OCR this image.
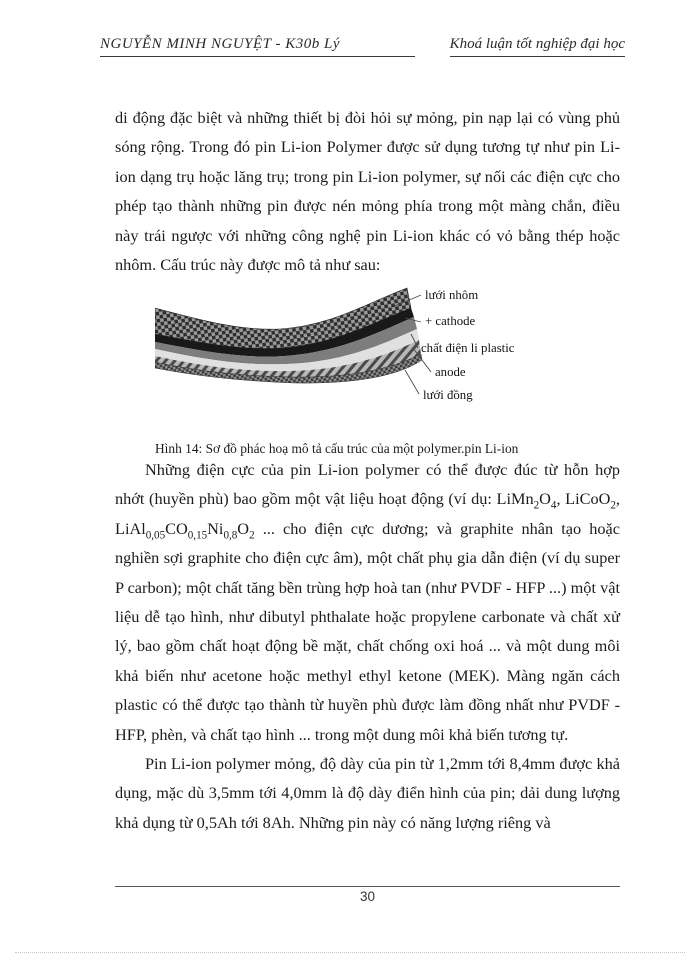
NGUYỄN MINH NGUYỆT - K30b Lý	Khoá luận tốt nghiệp đại học

di động đặc biệt và những thiết bị đòi hỏi sự mỏng, pin nạp lại có vùng phủ sóng rộng. Trong đó pin Li-ion Polymer được sử dụng tương tự như pin Li-ion dạng trụ hoặc lăng trụ; trong pin Li-ion polymer, sự nối các điện cực cho phép tạo thành những pin được nén mỏng phía trong một màng chắn, điều này trái ngược với những công nghệ pin Li-ion khác có vỏ bằng thép hoặc nhôm. Cấu trúc này được mô tả như sau:

lưới nhôm
+ cathode
chất điện li plastic
anode
lưới đồng
Hình 14: Sơ đồ phác hoạ mô tả cấu trúc của một polymer.pin Li-ion

Những điện cực của pin Li-ion polymer có thể được đúc từ hỗn hợp nhớt (huyền phù) bao gồm một vật liệu hoạt động (ví dụ: $LiMn_2O_4$, LiCoO$_2$, $LiAl_{0,05}CO_{0,15}Ni_{0,8}O_2$ ... cho điện cực dương; và graphite nhân tạo hoặc nghiền sợi graphite cho điện cực âm), một chất phụ gia dẫn điện (ví dụ super P carbon); một chất tăng bền trùng hợp hoà tan (như PVDF - HFP ...) một vật liệu dễ tạo hình, như dibutyl phthalate hoặc propylene carbonate và chất xử lý, bao gồm chất hoạt động bề mặt, chất chống oxi hoá ... và một dung môi khả biến như acetone hoặc methyl ethyl ketone (MEK). Màng ngăn cách plastic có thể được tạo thành từ huyền phù được làm đồng nhất như PVDF - HFP, phèn, và chất tạo hình ... trong một dung môi khả biến tương tự.

Pin Li-ion polymer mỏng, độ dày của pin từ 1,2mm tới 8,4mm được khả dụng, mặc dù 3,5mm tới 4,0mm là độ dày điển hình của pin; dải dung lượng khả dụng từ 0,5Ah tới 8Ah. Những pin này có năng lượng riêng và

30
